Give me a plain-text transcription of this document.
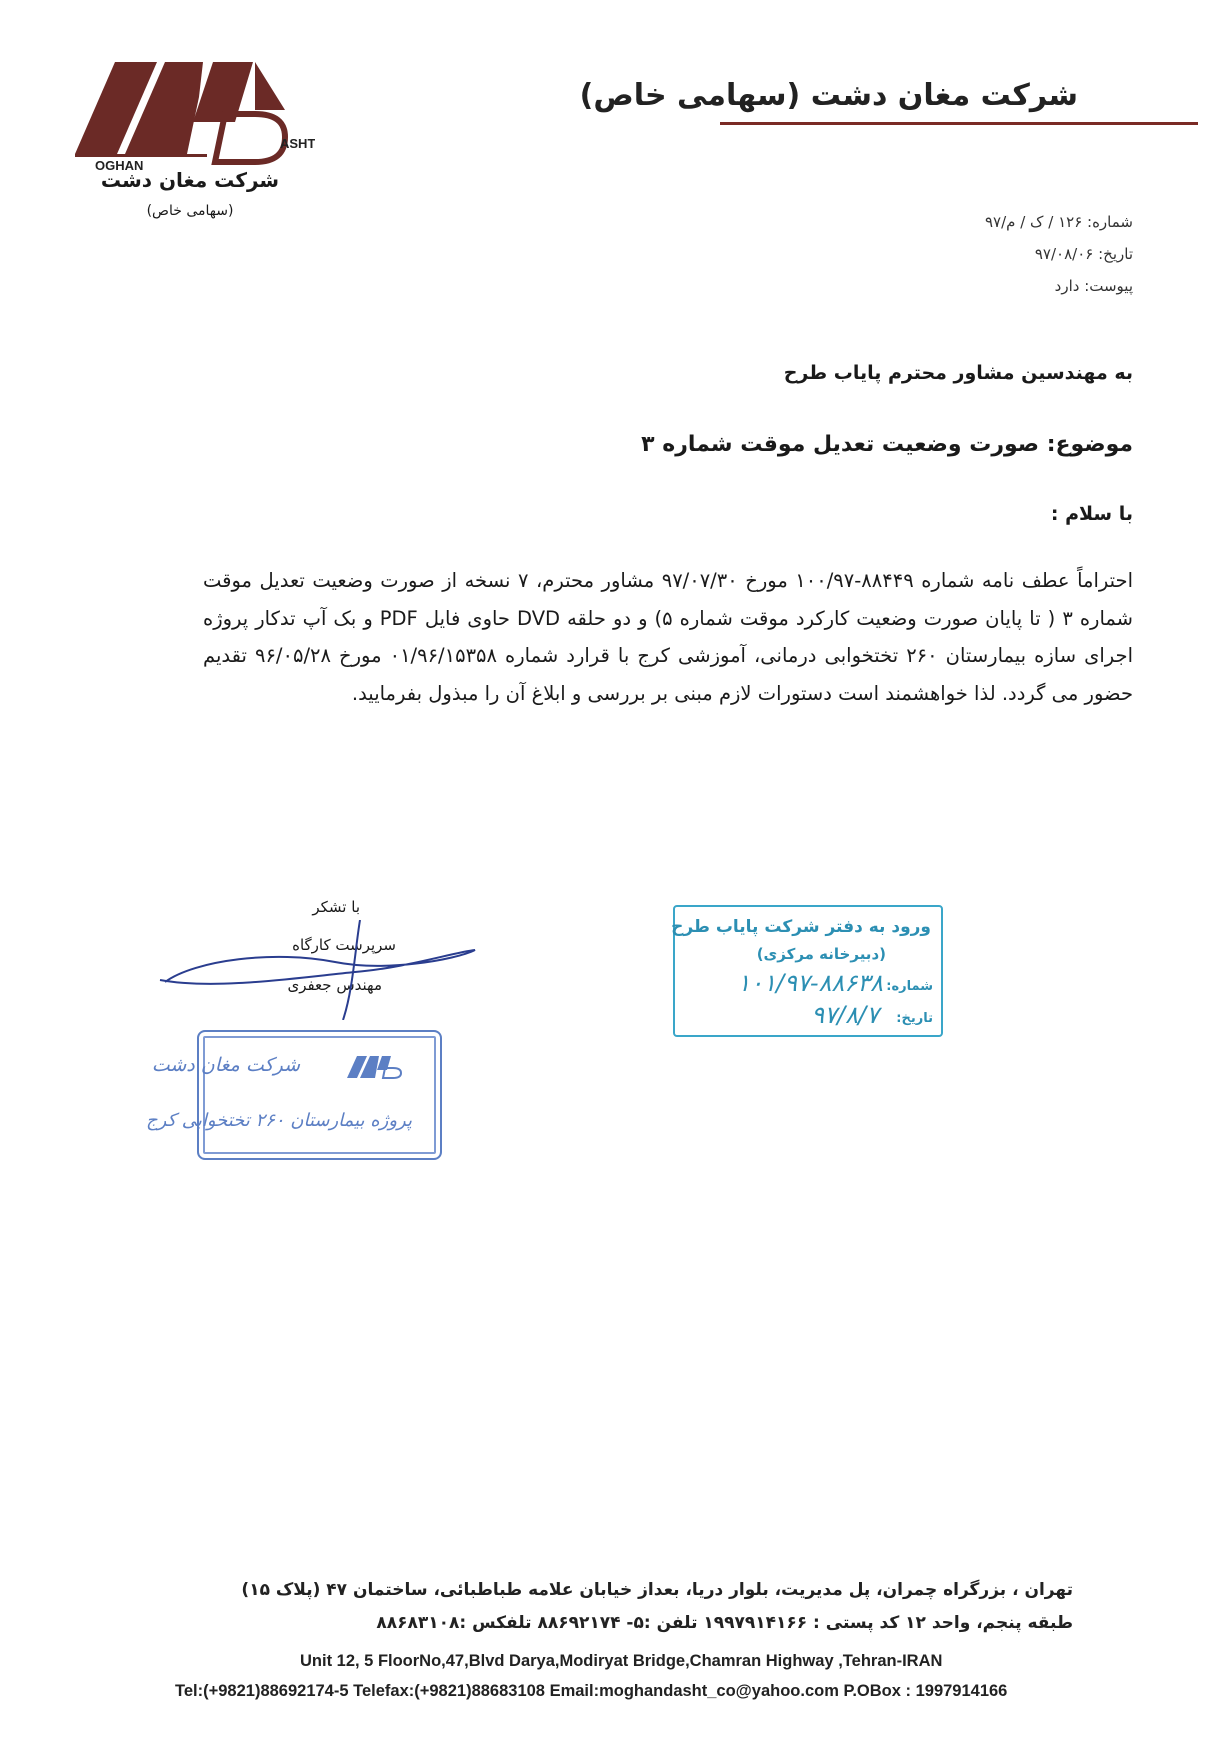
شرکت مغان دشت (سهامی خاص)
OGHAN
ASHT
شرکت مغان دشت
(سهامی خاص)
شماره: ۱۲۶ / ک / م/۹۷
تاریخ: ۹۷/۰۸/۰۶
پیوست: دارد
به مهندسین مشاور محترم پایاب طرح
موضوع: صورت وضعیت تعدیل موقت شماره ۳
با سلام :
احتراماً عطف نامه شماره ۸۸۴۴۹-۱۰۰/۹۷ مورخ ۹۷/۰۷/۳۰ مشاور محترم، ۷ نسخه از صورت وضعیت تعدیل موقت شماره ۳ ( تا پایان صورت وضعیت کارکرد موقت شماره ۵) و دو حلقه DVD حاوی فایل PDF و بک آپ تدکار پروژه اجرای سازه بیمارستان ۲۶۰ تختخوابی درمانی، آموزشی کرج با قرارد شماره ۰۱/۹۶/۱۵۳۵۸ مورخ ۹۶/۰۵/۲۸ تقدیم حضور می گردد. لذا خواهشمند است دستورات لازم مبنی بر بررسی و ابلاغ آن را مبذول بفرمایید.
با تشکر
سرپرست کارگاه
مهندس جعفری
ورود به دفتر شرکت پایاب طرح
(دبیرخانه مرکزی)
شماره:
۱۰۱/۹۷-۸۸۶۳۸
تاریخ:
۹۷/۸/۷
شرکت مغان دشت
پروژه بیمارستان ۲۶۰ تختخوابی کرج
تهران ، بزرگراه چمران، پل مدیریت، بلوار دریا، بعداز خیابان علامه طباطبائی، ساختمان ۴۷ (پلاک ۱۵)
طبقه پنجم، واحد ۱۲ کد پستی : ۱۹۹۷۹۱۴۱۶۶ تلفن :۵- ۸۸۶۹۲۱۷۴ تلفکس :۸۸۶۸۳۱۰۸
Unit 12, 5 FloorNo,47,Blvd Darya,Modiryat Bridge,Chamran Highway ,Tehran-IRAN
Tel:(+9821)88692174-5 Telefax:(+9821)88683108 Email:moghandasht_co@yahoo.com P.OBox : 1997914166
